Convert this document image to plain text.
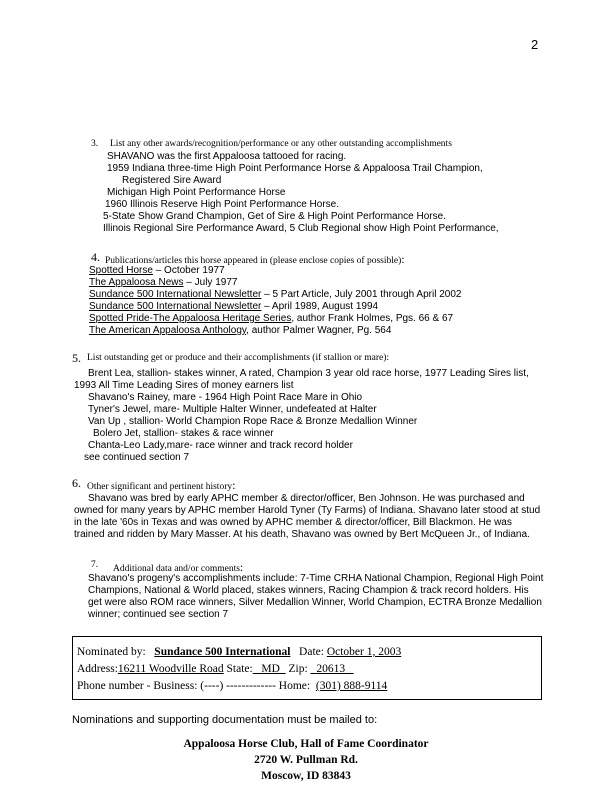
2
3. List any other awards/recognition/performance or any other outstanding accomplishments
SHAVANO was the first Appaloosa tattooed for racing.
1959 Indiana three-time High Point Performance Horse & Appaloosa Trail Champion,
Registered Sire Award
Michigan High Point Performance Horse
1960 Illinois Reserve High Point Performance Horse.
5-State Show Grand Champion, Get of Sire & High Point Performance Horse.
Illinois Regional Sire Performance Award, 5 Club Regional show High Point Performance,
4. Publications/articles this horse appeared in (please enclose copies of possible):
Spotted Horse – October 1977
The Appaloosa News – July 1977
Sundance 500 International Newsletter – 5 Part Article, July 2001 through April 2002
Sundance 500 International Newsletter – April 1989, August 1994
Spotted Pride-The Appaloosa Heritage Series, author Frank Holmes, Pgs. 66 & 67
The American Appaloosa Anthology, author Palmer Wagner, Pg. 564
5. List outstanding get or produce and their accomplishments (if stallion or mare):
Brent Lea, stallion- stakes winner, A rated, Champion 3 year old race horse, 1977 Leading Sires list,
1993 All Time Leading Sires of money earners list
Shavano's Rainey, mare - 1964 High Point Race Mare in Ohio
Tyner's Jewel, mare- Multiple Halter Winner, undefeated at Halter
Van Up , stallion- World Champion Rope Race & Bronze Medallion Winner
Bolero Jet, stallion- stakes & race winner
Chanta-Leo Lady,mare- race winner and track record holder
see continued section 7
6. Other significant and pertinent history:
Shavano was bred by early APHC member & director/officer, Ben Johnson. He was purchased and
owned for many years by APHC member Harold Tyner (Ty Farms) of Indiana. Shavano later stood at stud
in the late '60s in Texas and was owned by APHC member & director/officer, Bill Blackmon. He was
trained and ridden by Mary Masser. At his death, Shavano was owned by Bert McQueen Jr., of Indiana.
7. Additional data and/or comments:
Shavano's progeny's accomplishments include: 7-Time CRHA National Champion, Regional High Point
Champions, National & World placed, stakes winners, Racing Champion & track record holders. His
get were also ROM race winners, Silver Medallion Winner, World Champion, ECTRA Bronze Medallion
winner; continued see section 7
Nominated by: Sundance 500 International Date: October 1, 2003
Address:16211 Woodville Road State: MD Zip: 20613
Phone number - Business: (----) ------------- Home: (301) 888-9114
Nominations and supporting documentation must be mailed to:
Appaloosa Horse Club, Hall of Fame Coordinator
2720 W. Pullman Rd.
Moscow, ID 83843
